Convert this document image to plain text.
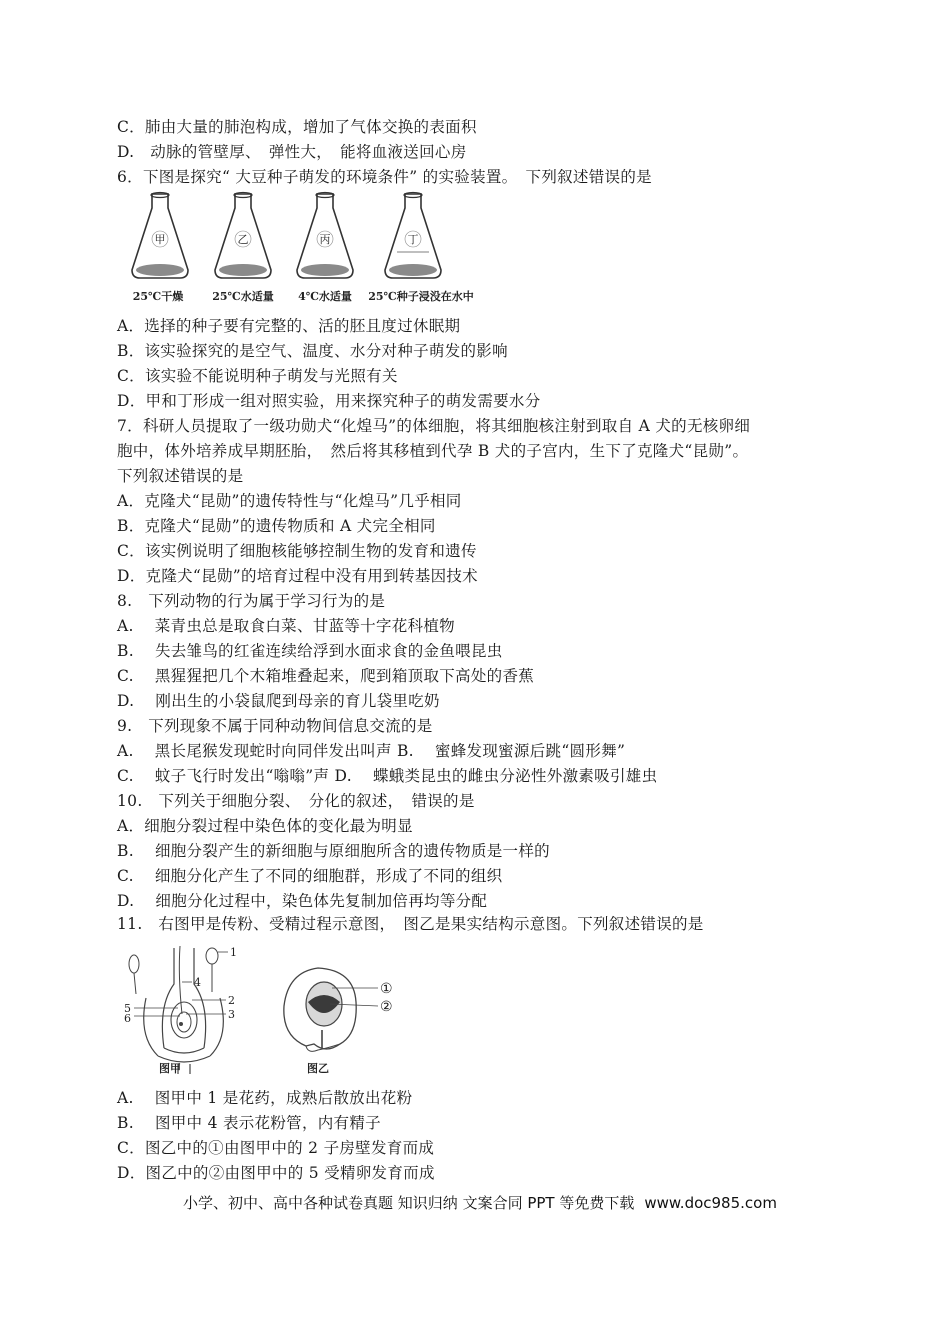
C．肺由大量的肺泡构成，增加了气体交换的表面积
D.　动脉的管壁厚、　弹性大，　能将血液送回心房
6．下图是探究“ 大豆种子萌发的环境条件” 的实验装置。　下列叙述错误的是
甲
25℃干燥
乙
25℃水适量
丙
4℃水适量
丁
25℃种子浸没在水中
A．选择的种子要有完整的、活的胚且度过休眠期
B．该实验探究的是空气、温度、水分对种子萌发的影响
C．该实验不能说明种子萌发与光照有关
D．甲和丁形成一组对照实验，用来探究种子的萌发需要水分
7．科研人员提取了一级功勋犬“化煌马”的体细胞，将其细胞核注射到取自 A 犬的无核卵细
胞中，体外培养成早期胚胎，　然后将其移植到代孕 B 犬的子宫内，生下了克隆犬“昆勋”。
下列叙述错误的是
A．克隆犬“昆勋”的遗传特性与“化煌马”几乎相同
B．克隆犬“昆勋”的遗传物质和 A 犬完全相同
C．该实例说明了细胞核能够控制生物的发育和遗传
D．克隆犬“昆勋”的培育过程中没有用到转基因技术
8.　下列动物的行为属于学习行为的是
A.　 菜青虫总是取食白菜、甘蓝等十字花科植物
B.　 失去雏鸟的红雀连续给浮到水面求食的金鱼喂昆虫
C.　 黑猩猩把几个木箱堆叠起来，爬到箱顶取下高处的香蕉
D.　 刚出生的小袋鼠爬到母亲的育儿袋里吃奶
9.　下列现象不属于同种动物间信息交流的是
A.　 黑长尾猴发现蛇时向同伴发出叫声 B.　 蜜蜂发现蜜源后跳“圆形舞”
C.　 蚊子飞行时发出“嗡嗡”声 D.　 蝶蛾类昆虫的雌虫分泌性外激素吸引雄虫
10.　下列关于细胞分裂、　分化的叙述，　错误的是
A．细胞分裂过程中染色体的变化最为明显
B.　 细胞分裂产生的新细胞与原细胞所含的遗传物质是一样的
C.　 细胞分化产生了不同的细胞群，形成了不同的组织
D.　 细胞分化过程中，染色体先复制加倍再均等分配
11.　右图甲是传粉、受精过程示意图，　图乙是果实结构示意图。下列叙述错误的是
1
2
3
4
5
6
图甲
①
②
图乙
A.　 图甲中 1 是花药，成熟后散放出花粉
B.　 图甲中 4 表示花粉管，内有精子
C．图乙中的①由图甲中的 2 子房壁发育而成
D．图乙中的②由图甲中的 5 受精卵发育而成
小学、初中、高中各种试卷真题 知识归纳 文案合同 PPT 等免费下载 www.doc985.com
